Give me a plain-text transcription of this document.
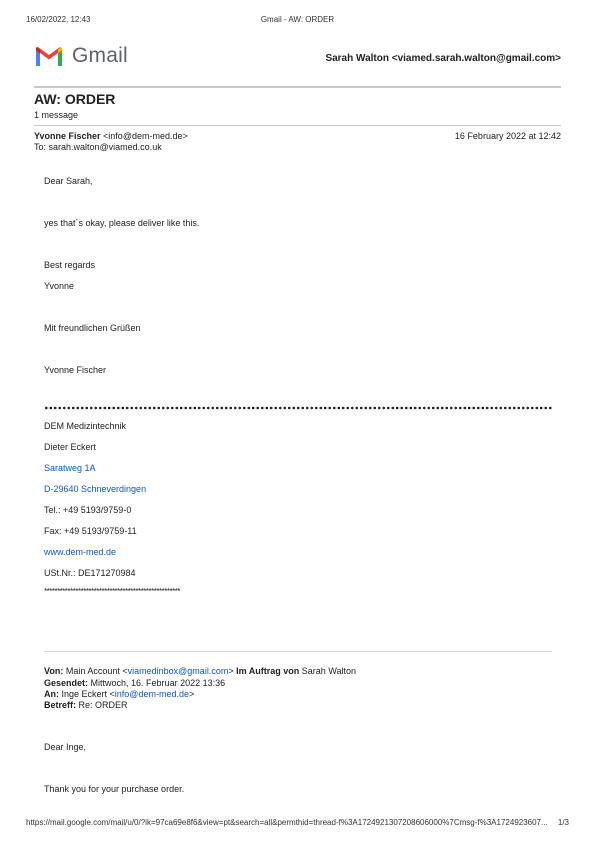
16/02/2022, 12:43	Gmail - AW: ORDER
Gmail	Sarah Walton <viamed.sarah.walton@gmail.com>
AW: ORDER
1 message
Yvonne Fischer <info@dem-med.de>	16 February 2022 at 12:42
To: sarah.walton@viamed.co.uk
Dear Sarah,
yes that´s okay, please deliver like this.
Best regards
Yvonne
Mit freundlichen Grüßen
Yvonne Fischer
DEM Medizintechnik
Dieter Eckert
Saratweg 1A
D-29640 Schneverdingen
Tel.: +49 5193/9759-0
Fax: +49 5193/9759-11
www.dem-med.de
USt.Nr.: DE171270984
****************************************************
Von: Main Account <viamedinbox@gmail.com> Im Auftrag von Sarah Walton
Gesendet: Mittwoch, 16. Februar 2022 13:36
An: Inge Eckert <info@dem-med.de>
Betreff: Re: ORDER
Dear Inge,
Thank you for your purchase order.
https://mail.google.com/mail/u/0/?ik=97ca69e8f6&view=pt&search=all&permthid=thread-f%3A1724921307208606000%7Cmsg-f%3A1724923607...	1/3
